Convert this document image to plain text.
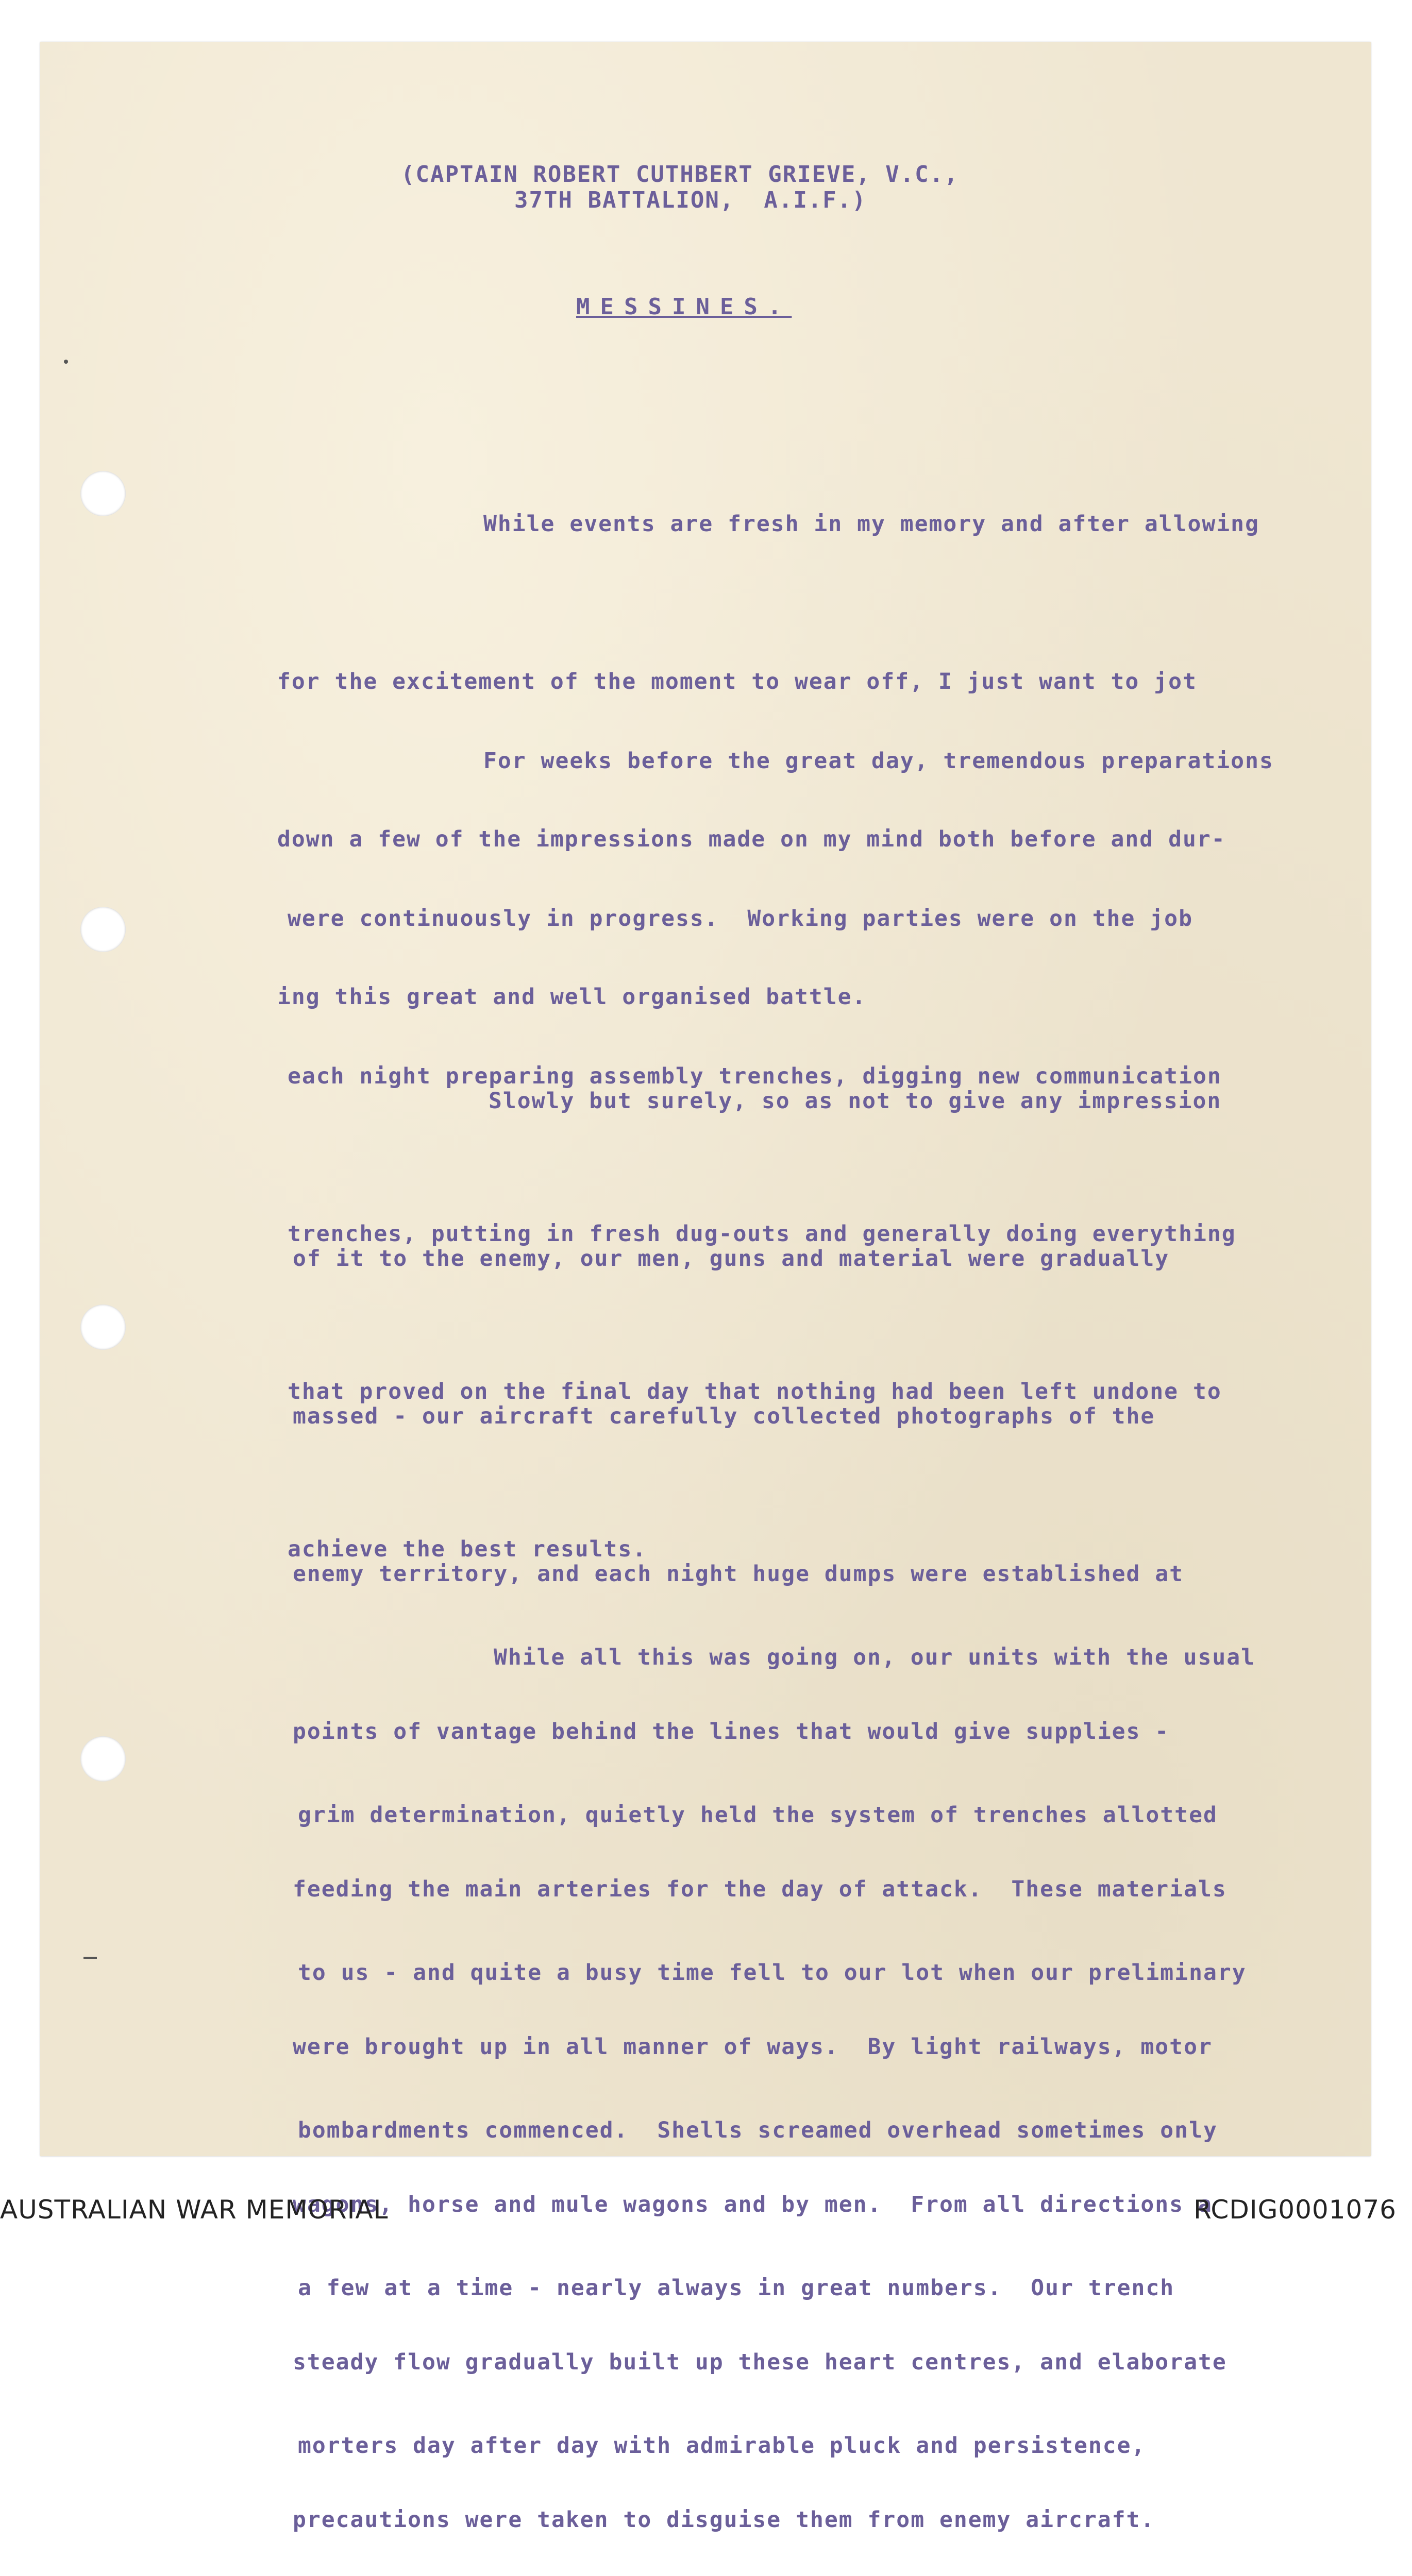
(CAPTAIN ROBERT CUTHBERT GRIEVE, V.C.,
37TH BATTALION,  A.I.F.)
MESSINES.

While events are fresh in my memory and after allowing

for the excitement of the moment to wear off, I just want to jot

down a few of the impressions made on my mind both before and dur-

ing this great and well organised battle.

For weeks before the great day, tremendous preparations

were continuously in progress.  Working parties were on the job

each night preparing assembly trenches, digging new communication

trenches, putting in fresh dug-outs and generally doing everything

that proved on the final day that nothing had been left undone to

achieve the best results.

Slowly but surely, so as not to give any impression

of it to the enemy, our men, guns and material were gradually

massed - our aircraft carefully collected photographs of the

enemy territory, and each night huge dumps were established at

points of vantage behind the lines that would give supplies -

feeding the main arteries for the day of attack.  These materials

were brought up in all manner of ways.  By light railways, motor

wagons, horse and mule wagons and by men.  From all directions a

steady flow gradually built up these heart centres, and elaborate

precautions were taken to disguise them from enemy aircraft.

While all this was going on, our units with the usual

grim determination, quietly held the system of trenches allotted

to us - and quite a busy time fell to our lot when our preliminary

bombardments commenced.  Shells screamed overhead sometimes only

a few at a time - nearly always in great numbers.  Our trench

morters day after day with admirable pluck and persistence,

AUSTRALIAN WAR MEMORIAL	RCDIG0001076
